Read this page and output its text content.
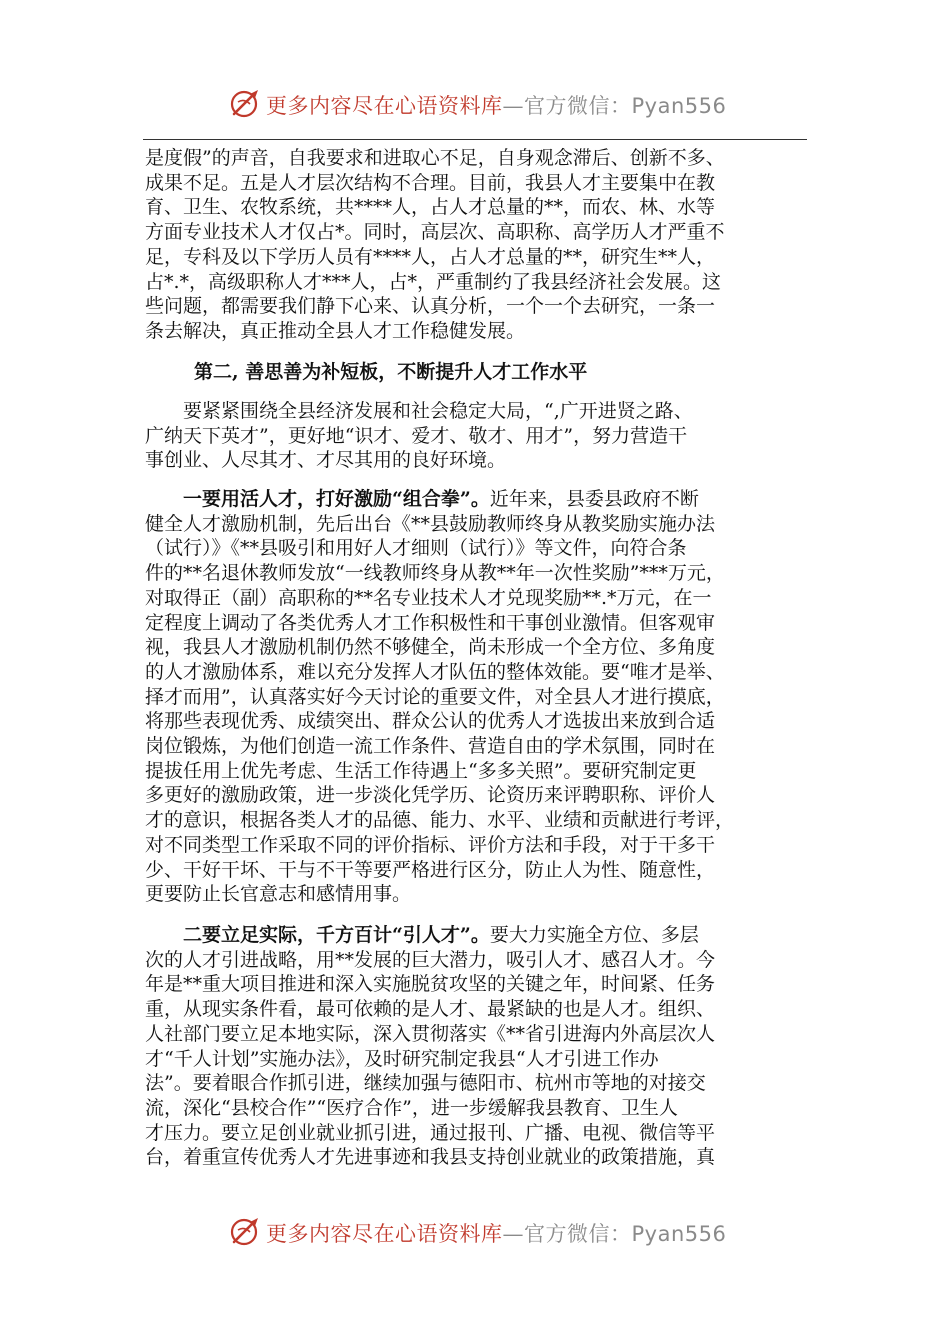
更多内容尽在心语资料库—官方微信：Pyan556
是度假”的声音，自我要求和进取心不足，自身观念滞后、创新不多、
成果不足。五是人才层次结构不合理。目前，我县人才主要集中在教
育、卫生、农牧系统，共****人，占人才总量的**，而农、林、水等
方面专业技术人才仅占*。同时，高层次、高职称、高学历人才严重不
足，专科及以下学历人员有****人，占人才总量的**，研究生**人，
占*.*，高级职称人才***人，占*，严重制约了我县经济社会发展。这
些问题，都需要我们静下心来、认真分析，一个一个去研究，一条一
条去解决，真正推动全县人才工作稳健发展。
第二, 善思善为补短板，不断提升人才工作水平
要紧紧围绕全县经济发展和社会稳定大局，“,广开进贤之路、
广纳天下英才”，更好地“识才、爱才、敬才、用才”，努力营造干
事创业、人尽其才、才尽其用的良好环境。
一要用活人才，打好激励“组合拳”。近年来，县委县政府不断
健全人才激励机制，先后出台《**县鼓励教师终身从教奖励实施办法
（试行）》《**县吸引和用好人才细则（试行）》等文件，向符合条
件的**名退休教师发放“一线教师终身从教**年一次性奖励”***万元，
对取得正（副）高职称的**名专业技术人才兑现奖励**.*万元，在一
定程度上调动了各类优秀人才工作积极性和干事创业激情。但客观审
视，我县人才激励机制仍然不够健全，尚未形成一个全方位、多角度
的人才激励体系，难以充分发挥人才队伍的整体效能。要“唯才是举、
择才而用”，认真落实好今天讨论的重要文件，对全县人才进行摸底，
将那些表现优秀、成绩突出、群众公认的优秀人才选拔出来放到合适
岗位锻炼，为他们创造一流工作条件、营造自由的学术氛围，同时在
提拔任用上优先考虑、生活工作待遇上“多多关照”。要研究制定更
多更好的激励政策，进一步淡化凭学历、论资历来评聘职称、评价人
才的意识，根据各类人才的品德、能力、水平、业绩和贡献进行考评，
对不同类型工作采取不同的评价指标、评价方法和手段，对于干多干
少、干好干坏、干与不干等要严格进行区分，防止人为性、随意性，
更要防止长官意志和感情用事。
二要立足实际，千方百计“引人才”。要大力实施全方位、多层
次的人才引进战略，用**发展的巨大潜力，吸引人才、感召人才。今
年是**重大项目推进和深入实施脱贫攻坚的关键之年，时间紧、任务
重，从现实条件看，最可依赖的是人才、最紧缺的也是人才。组织、
人社部门要立足本地实际，深入贯彻落实《**省引进海内外高层次人
才“千人计划”实施办法》，及时研究制定我县“人才引进工作办
法”。要着眼合作抓引进，继续加强与德阳市、杭州市等地的对接交
流，深化“县校合作”“医疗合作”，进一步缓解我县教育、卫生人
才压力。要立足创业就业抓引进，通过报刊、广播、电视、微信等平
台，着重宣传优秀人才先进事迹和我县支持创业就业的政策措施，真
更多内容尽在心语资料库—官方微信：Pyan556
